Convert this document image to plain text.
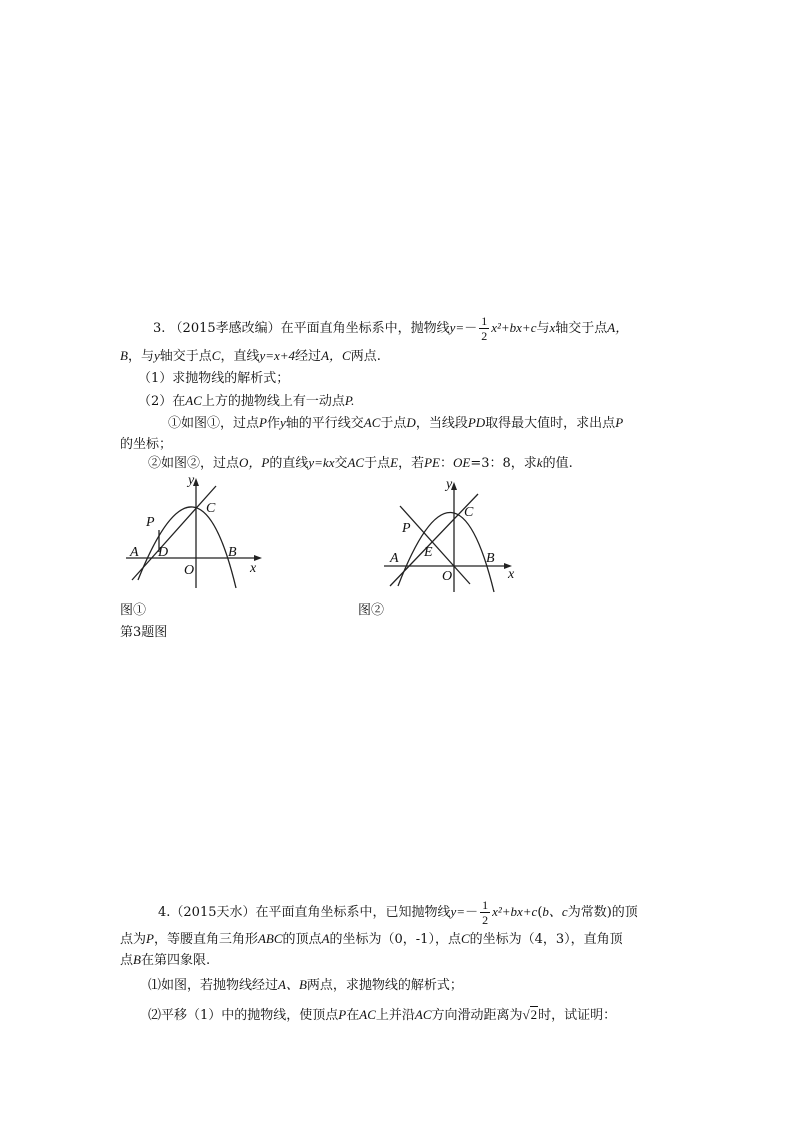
3. （2015孝感改编）在平面直角坐标系中，抛物线$y=- \frac{1}{2} x^2+bx+c$与x轴交于点A，
B，与y轴交于点C，直线y=x+4经过A，C两点.
（1）求抛物线的解析式；
（2）在AC上方的抛物线上有一动点P.
①如图①，过点P作y轴的平行线交AC于点D，当线段PD取得最大值时，求出点P
的坐标；
②如图②，过点O，P的直线y=kx交AC于点E，若PE：OE=3：8，求k的值.
y
x
C
P
A D
O
B
y
x
C
P
A E
O
B
图①	图②
第3题图
4.（2015天水）在平面直角坐标系中，已知抛物线$y=- \frac{1}{2} x^2+bx+c(b$、c为常数)的顶
点为P，等腰直角三角形ABC的顶点A的坐标为（0，-1），点C的坐标为（4，3），直角顶
点B在第四象限.
⑴如图，若抛物线经过A、B两点，求抛物线的解析式；
⑵平移（1）中的抛物线，使顶点P在AC上并沿AC方向滑动距离为√2时，试证明：
